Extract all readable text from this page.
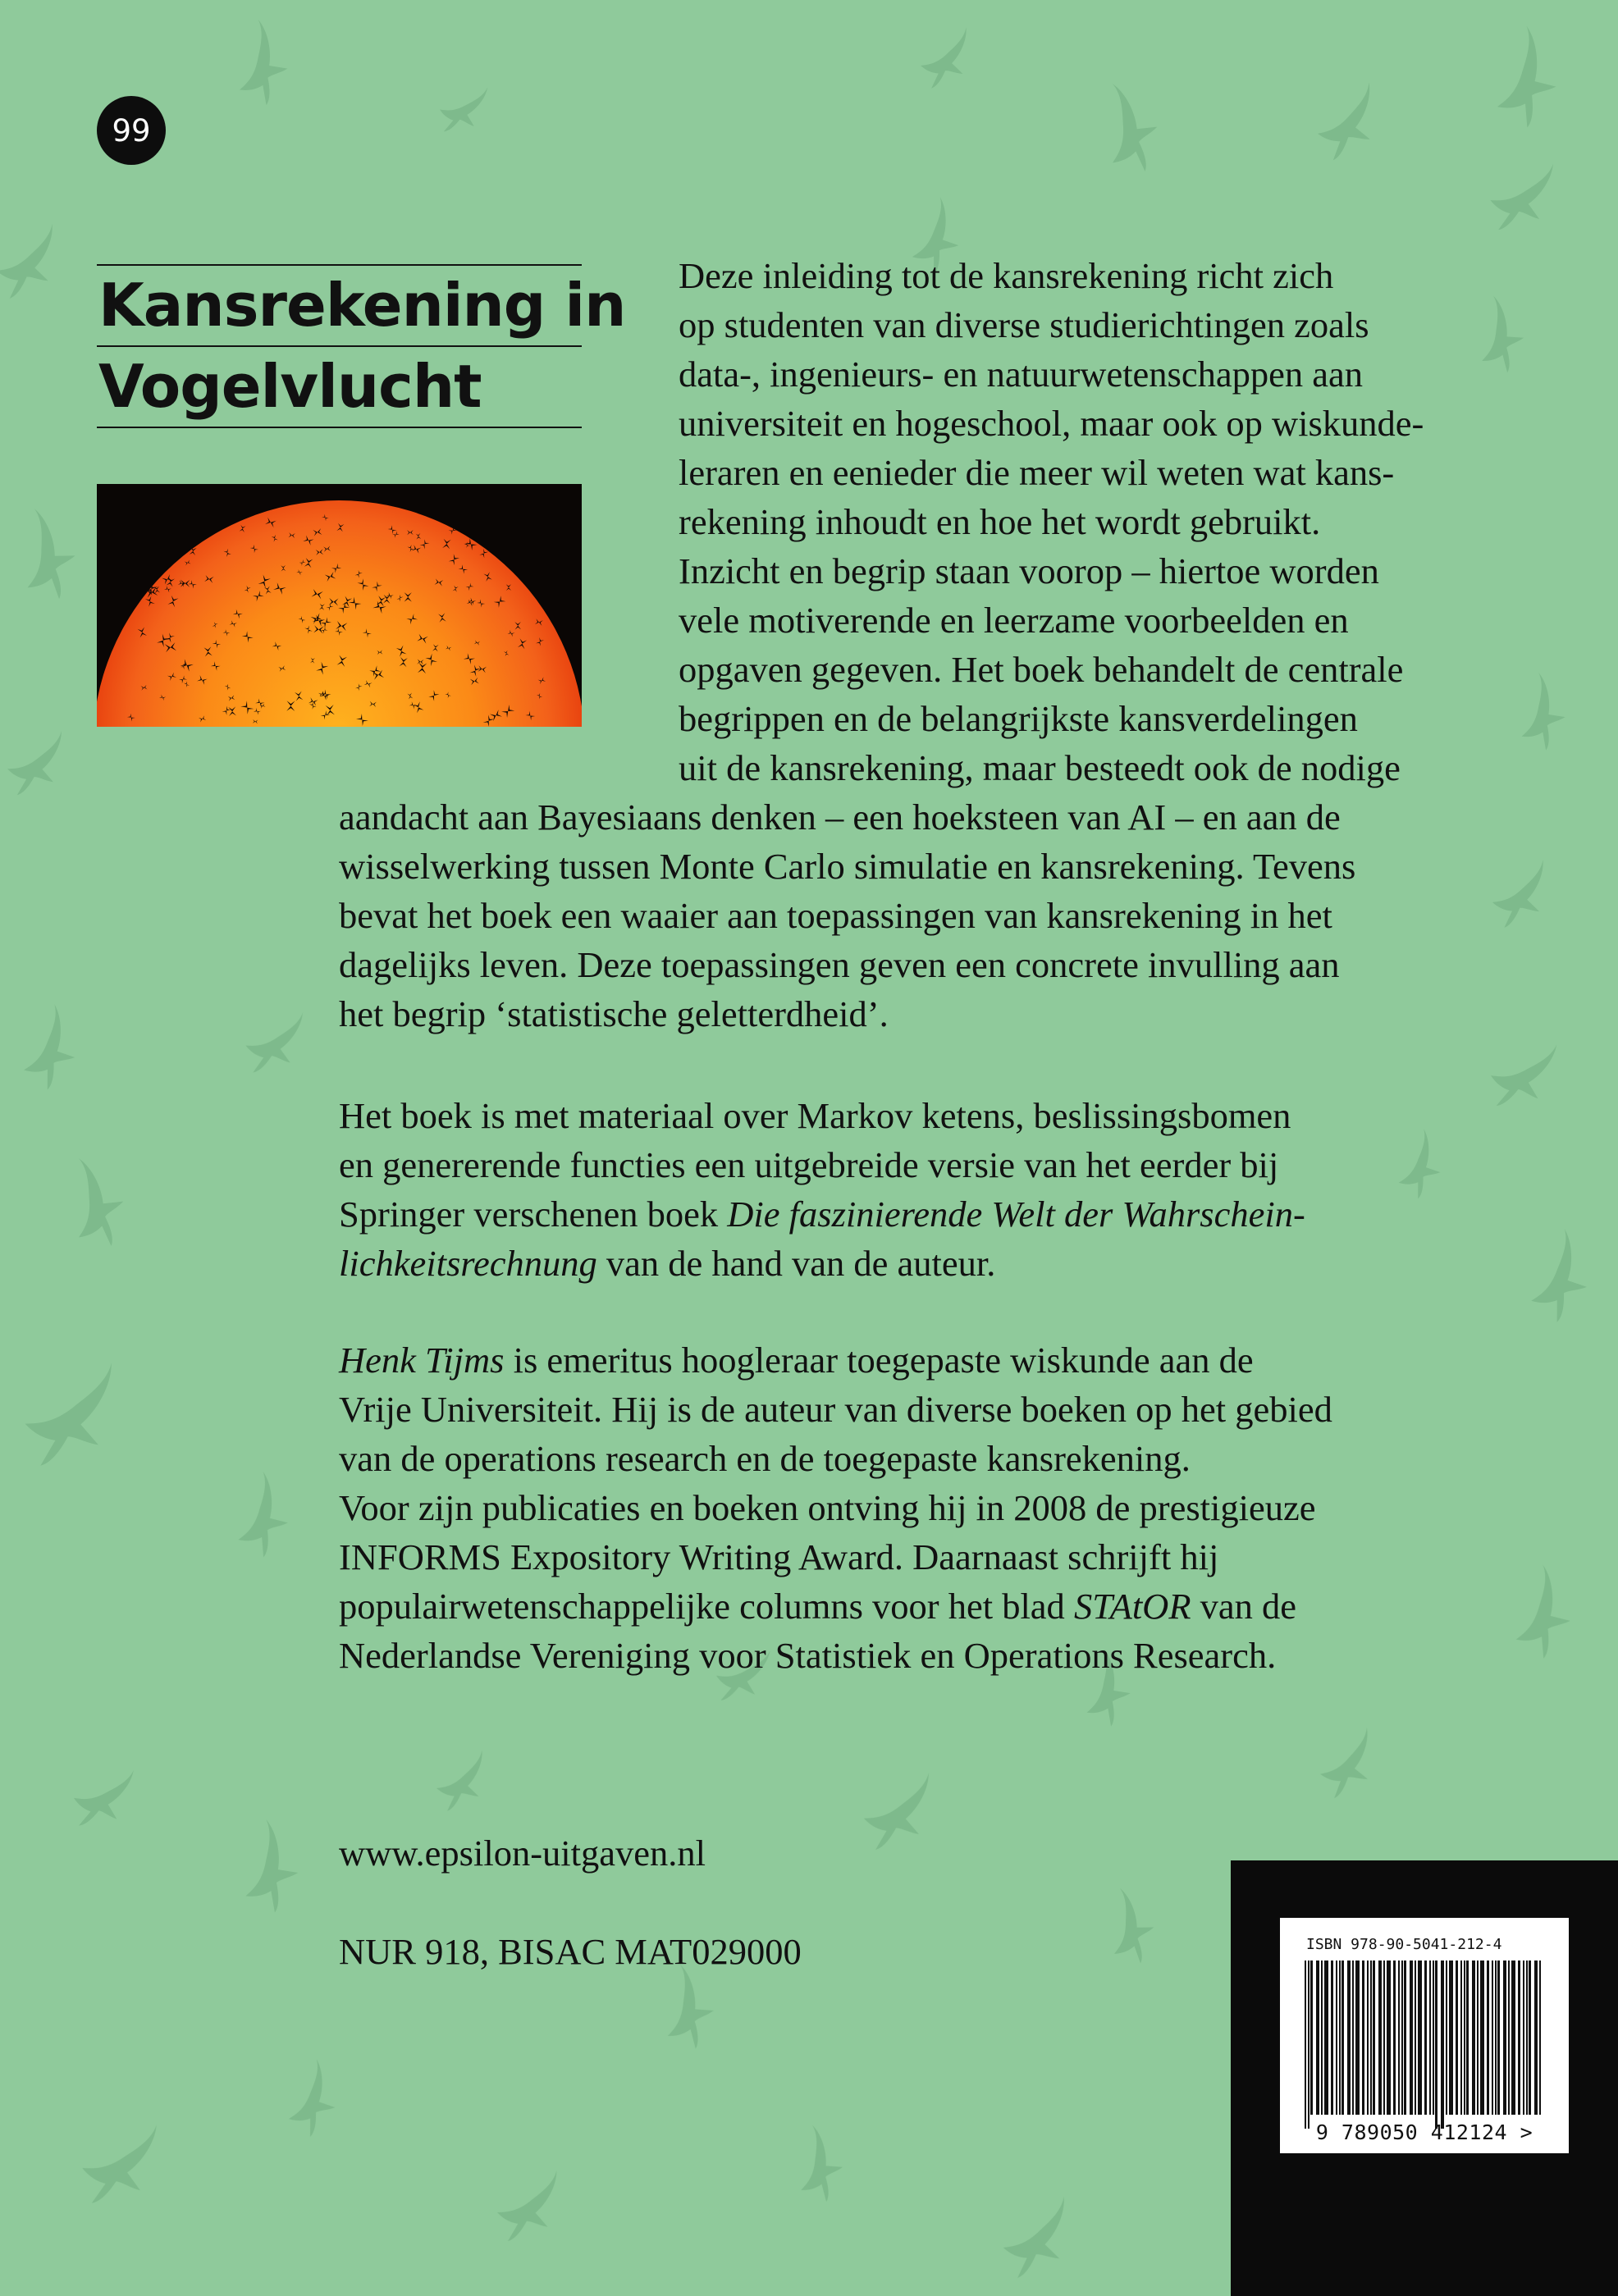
99
Kansrekening in
Vogelvlucht
Deze inleiding tot de kansrekening richt zich
op studenten van diverse studierichtingen zoals
data-, ingenieurs- en natuurwetenschappen aan
universiteit en hogeschool, maar ook op wiskunde-
leraren en eenieder die meer wil weten wat kans-
rekening inhoudt en hoe het wordt gebruikt.
Inzicht en begrip staan voorop – hiertoe worden
vele motiverende en leerzame voorbeelden en
opgaven gegeven. Het boek behandelt de centrale
begrippen en de belangrijkste kansverdelingen
uit de kansrekening, maar besteedt ook de nodige
aandacht aan Bayesiaans denken – een hoeksteen van AI – en aan de
wisselwerking tussen Monte Carlo simulatie en kansrekening. Tevens
bevat het boek een waaier aan toepassingen van kansrekening in het
dagelijks leven. Deze toepassingen geven een concrete invulling aan
het begrip ‘statistische geletterdheid’.
Het boek is met materiaal over Markov ketens, beslissingsbomen
en genererende functies een uitgebreide versie van het eerder bij
Springer verschenen boek Die faszinierende Welt der Wahrschein-
lichkeitsrechnung van de hand van de auteur.
Henk Tijms is emeritus hoogleraar toegepaste wiskunde aan de
Vrije Universiteit. Hij is de auteur van diverse boeken op het gebied
van de operations research en de toegepaste kansrekening.
Voor zijn publicaties en boeken ontving hij in 2008 de prestigieuze
INFORMS Expository Writing Award. Daarnaast schrijft hij
populairwetenschappelijke columns voor het blad STAtOR van de
Nederlandse Vereniging voor Statistiek en Operations Research.
www.epsilon-uitgaven.nl
NUR 918, BISAC MAT029000	ISBN 978-90-5041-212-4
9 789050 412124 >
